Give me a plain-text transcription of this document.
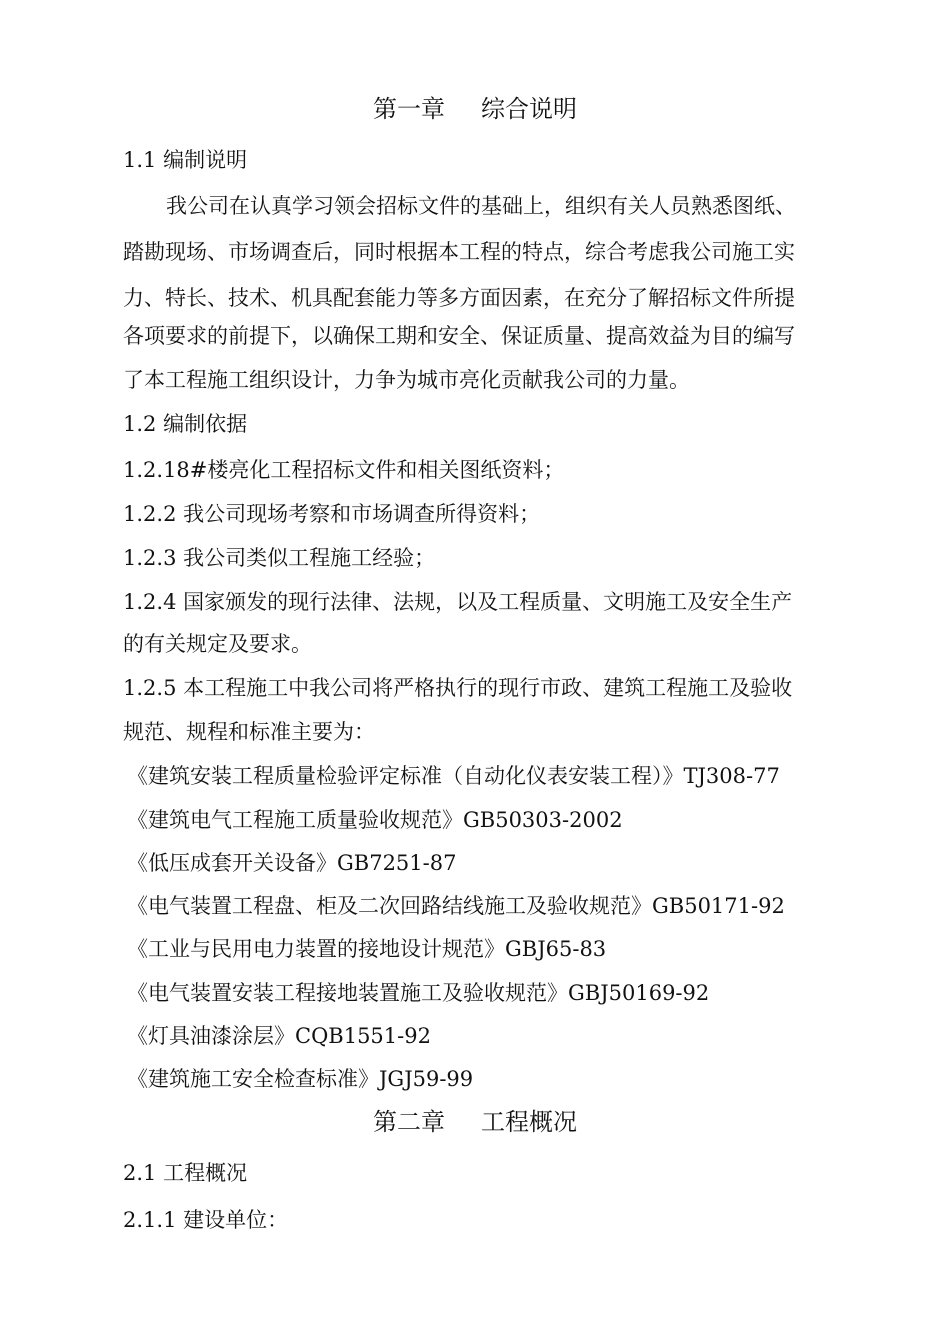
第一章 综合说明
1.1 编制说明
我公司在认真学习领会招标文件的基础上，组织有关人员熟悉图纸、
踏勘现场、市场调查后，同时根据本工程的特点，综合考虑我公司施工实
力、特长、技术、机具配套能力等多方面因素，在充分了解招标文件所提
各项要求的前提下，以确保工期和安全、保证质量、提高效益为目的编写
了本工程施工组织设计，力争为城市亮化贡献我公司的力量。
1.2 编制依据
1.2.18#楼亮化工程招标文件和相关图纸资料；
1.2.2 我公司现场考察和市场调查所得资料；
1.2.3 我公司类似工程施工经验；
1.2.4 国家颁发的现行法律、法规，以及工程质量、文明施工及安全生产
的有关规定及要求。
1.2.5 本工程施工中我公司将严格执行的现行市政、建筑工程施工及验收
规范、规程和标准主要为：
《建筑安装工程质量检验评定标准（自动化仪表安装工程）》TJ308-77
《建筑电气工程施工质量验收规范》GB50303-2002
《低压成套开关设备》GB7251-87
《电气装置工程盘、柜及二次回路结线施工及验收规范》GB50171-92
《工业与民用电力装置的接地设计规范》GBJ65-83
《电气装置安装工程接地装置施工及验收规范》GBJ50169-92
《灯具油漆涂层》CQB1551-92
《建筑施工安全检查标准》JGJ59-99
第二章 工程概况
2.1 工程概况
2.1.1 建设单位：
